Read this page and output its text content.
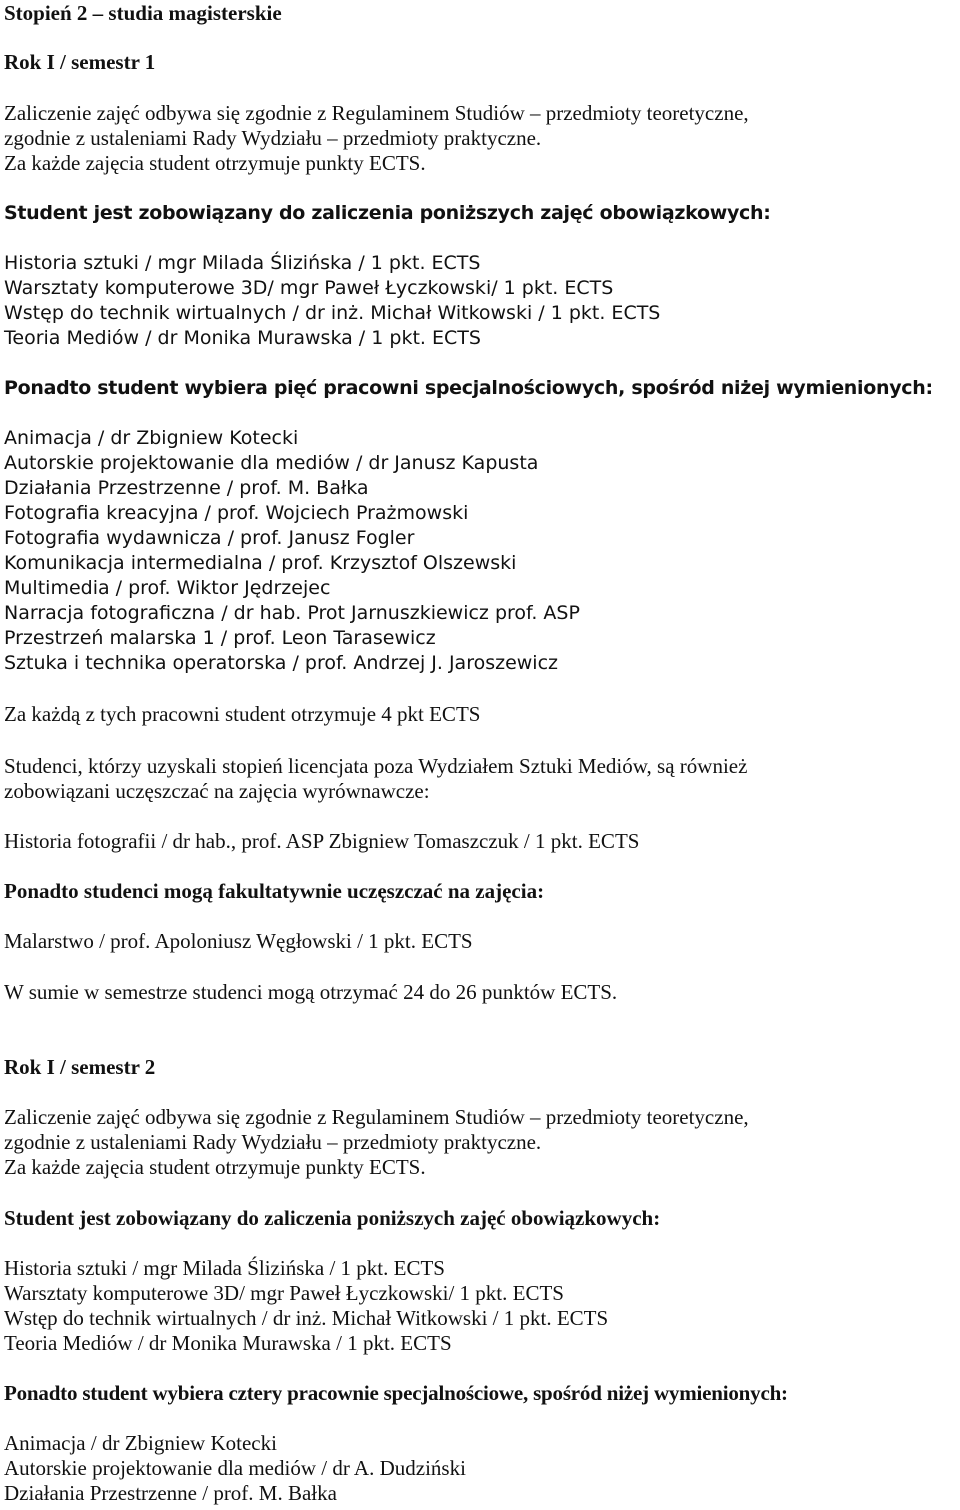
Stopień 2 – studia magisterskie
Rok I / semestr 1
Zaliczenie zajęć odbywa się zgodnie z Regulaminem Studiów – przedmioty teoretyczne,
zgodnie z ustaleniami Rady Wydziału – przedmioty praktyczne.
Za każde zajęcia student otrzymuje punkty ECTS.
Student jest zobowiązany do zaliczenia poniższych zajęć obowiązkowych:
Historia sztuki / mgr Milada Ślizińska / 1 pkt. ECTS
Warsztaty komputerowe 3D/ mgr Paweł Łyczkowski/ 1 pkt. ECTS
Wstęp do technik wirtualnych / dr inż. Michał Witkowski / 1 pkt. ECTS
Teoria Mediów / dr Monika Murawska / 1 pkt. ECTS
Ponadto student wybiera pięć pracowni specjalnościowych, spośród niżej wymienionych:
Animacja / dr Zbigniew Kotecki
Autorskie projektowanie dla mediów / dr Janusz Kapusta
Działania Przestrzenne / prof. M. Bałka
Fotografia kreacyjna / prof. Wojciech Prażmowski
Fotografia wydawnicza / prof. Janusz Fogler
Komunikacja intermedialna / prof. Krzysztof Olszewski
Multimedia / prof. Wiktor Jędrzejec
Narracja fotograficzna / dr hab. Prot Jarnuszkiewicz prof. ASP
Przestrzeń malarska 1 / prof. Leon Tarasewicz
Sztuka i technika operatorska / prof. Andrzej J. Jaroszewicz
Za każdą z tych pracowni student otrzymuje 4 pkt ECTS
Studenci, którzy uzyskali stopień licencjata poza Wydziałem Sztuki Mediów, są również
zobowiązani uczęszczać na zajęcia wyrównawcze:
Historia fotografii / dr hab., prof. ASP Zbigniew Tomaszczuk / 1 pkt. ECTS
Ponadto studenci mogą fakultatywnie uczęszczać na zajęcia:
Malarstwo / prof. Apoloniusz Węgłowski / 1 pkt. ECTS
W sumie w semestrze studenci mogą otrzymać 24 do 26 punktów ECTS.
Rok I / semestr 2
Zaliczenie zajęć odbywa się zgodnie z Regulaminem Studiów – przedmioty teoretyczne,
zgodnie z ustaleniami Rady Wydziału – przedmioty praktyczne.
Za każde zajęcia student otrzymuje punkty ECTS.
Student jest zobowiązany do zaliczenia poniższych zajęć obowiązkowych:
Historia sztuki / mgr Milada Ślizińska / 1 pkt. ECTS
Warsztaty komputerowe 3D/ mgr Paweł Łyczkowski/ 1 pkt. ECTS
Wstęp do technik wirtualnych / dr inż. Michał Witkowski / 1 pkt. ECTS
Teoria Mediów / dr Monika Murawska / 1 pkt. ECTS
Ponadto student wybiera cztery pracownie specjalnościowe, spośród niżej wymienionych:
Animacja / dr Zbigniew Kotecki
Autorskie projektowanie dla mediów / dr A. Dudziński
Działania Przestrzenne / prof. M. Bałka
